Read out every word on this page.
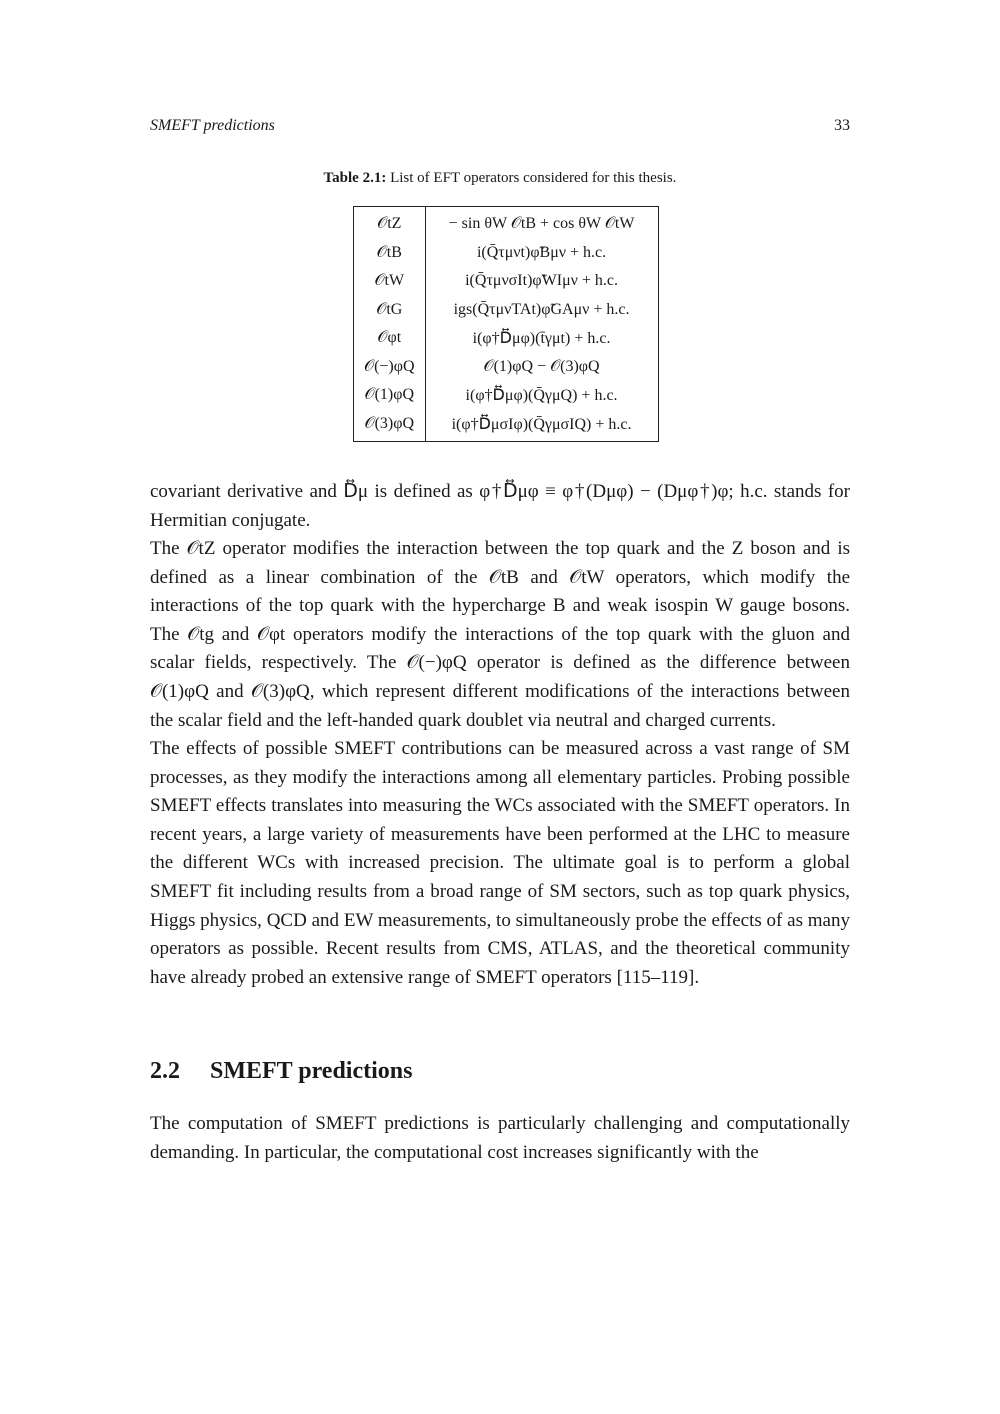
SMEFT predictions	33
Table 2.1: List of EFT operators considered for this thesis.
𝒪tZ	− sin θW 𝒪tB + cos θW 𝒪tW
𝒪tB	i(Q̄τμνt)φ̃Bμν + h.c.
𝒪tW	i(Q̄τμνσIt)φ̃WIμν + h.c.
𝒪tG	igs(Q̄τμνTAt)φ̃GAμν + h.c.
𝒪φt	i(φ†D⃡μφ)(t̄γμt) + h.c.
𝒪(−)φQ	𝒪(1)φQ − 𝒪(3)φQ
𝒪(1)φQ	i(φ†D⃡μφ)(Q̄γμQ) + h.c.
𝒪(3)φQ	i(φ†D⃡μσIφ)(Q̄γμσIQ) + h.c.
covariant derivative and D⃡μ is defined as φ†D⃡μφ ≡ φ†(Dμφ) − (Dμφ†)φ; h.c. stands for Hermitian conjugate.
The 𝒪tZ operator modifies the interaction between the top quark and the Z boson and is defined as a linear combination of the 𝒪tB and 𝒪tW operators, which modify the interactions of the top quark with the hypercharge B and weak isospin W gauge bosons. The 𝒪tg and 𝒪φt operators modify the interactions of the top quark with the gluon and scalar fields, respectively. The 𝒪(−)φQ operator is defined as the difference between 𝒪(1)φQ and 𝒪(3)φQ, which represent different modifications of the interactions between the scalar field and the left-handed quark doublet via neutral and charged currents.
The effects of possible SMEFT contributions can be measured across a vast range of SM processes, as they modify the interactions among all elementary particles. Probing possible SMEFT effects translates into measuring the WCs associated with the SMEFT operators. In recent years, a large variety of measurements have been performed at the LHC to measure the different WCs with increased precision. The ultimate goal is to perform a global SMEFT fit including results from a broad range of SM sectors, such as top quark physics, Higgs physics, QCD and EW measurements, to simultaneously probe the effects of as many operators as possible. Recent results from CMS, ATLAS, and the theoretical community have already probed an extensive range of SMEFT operators [115–119].
2.2 SMEFT predictions
The computation of SMEFT predictions is particularly challenging and computationally demanding. In particular, the computational cost increases significantly with the
